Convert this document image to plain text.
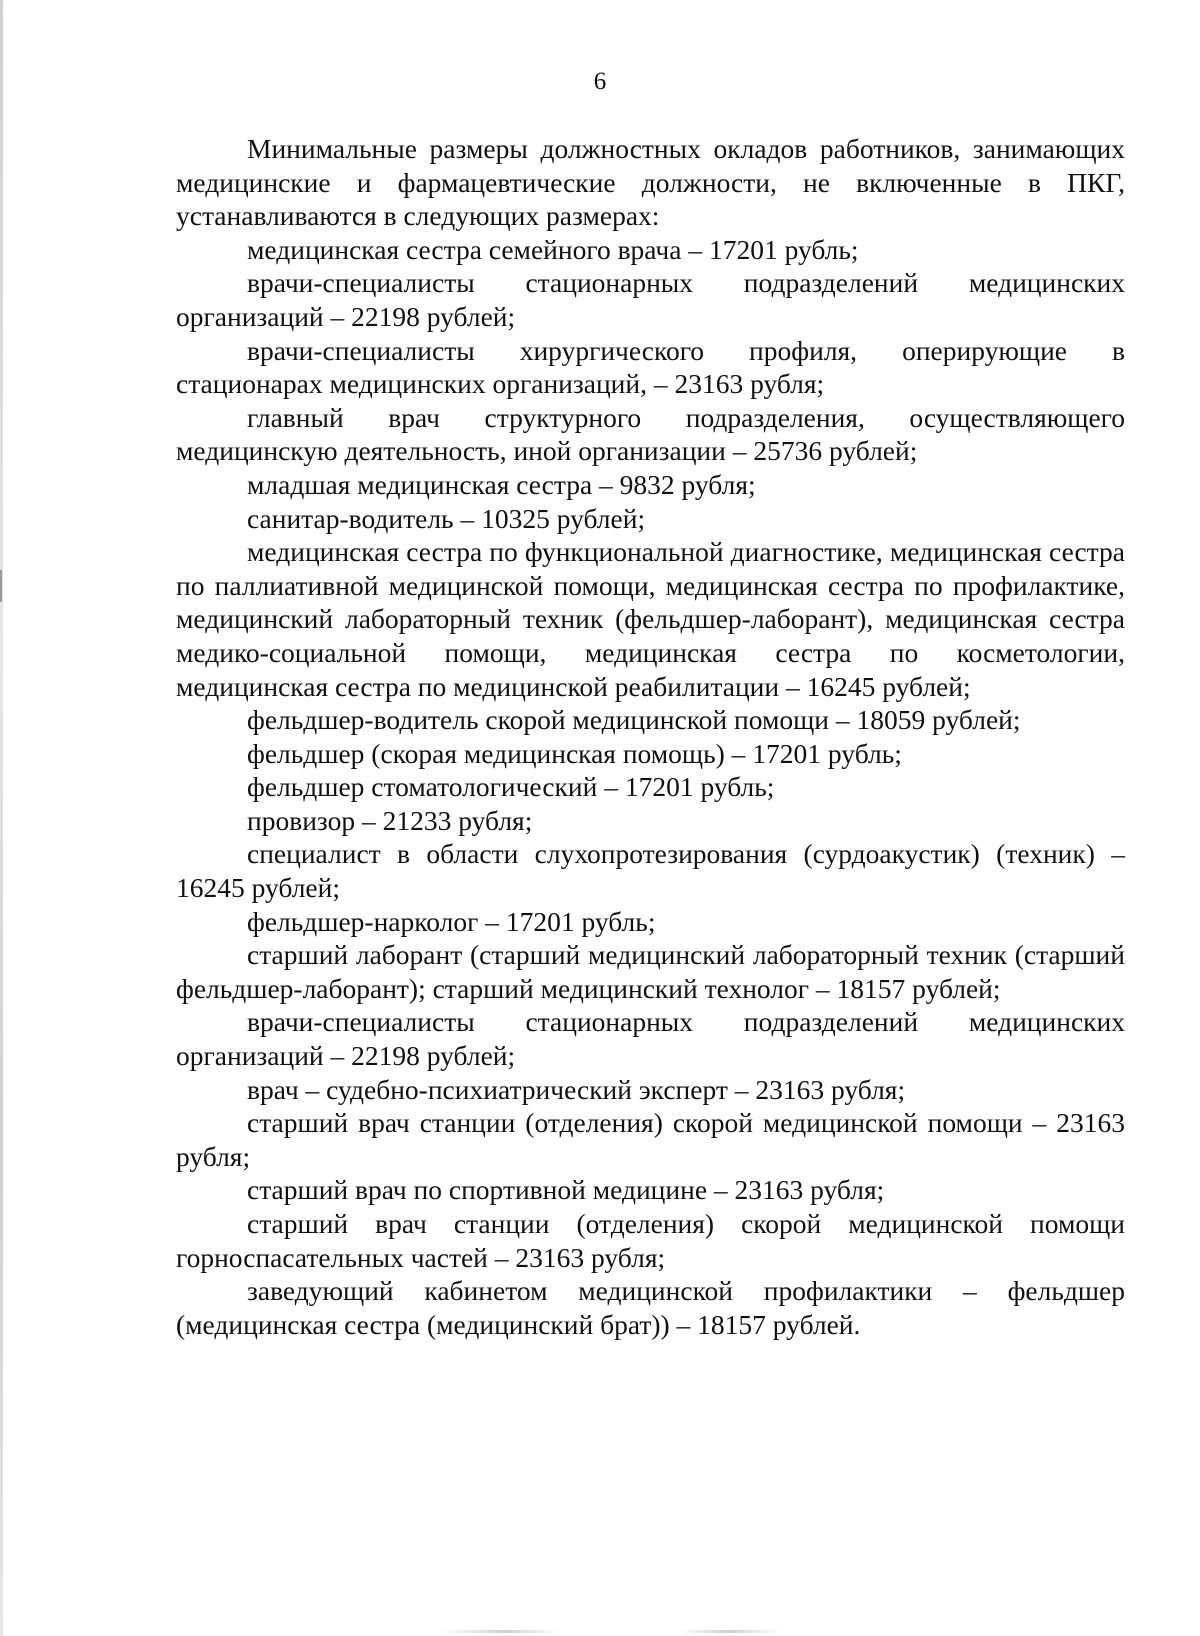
6

Минимальные размеры должностных окладов работников, занимающих медицинские и фармацевтические должности, не включенные в ПКГ, устанавливаются в следующих размерах:

медицинская сестра семейного врача – 17201 рубль;

врачи-специалисты стационарных подразделений медицинских организаций – 22198 рублей;

врачи-специалисты хирургического профиля, оперирующие в стационарах медицинских организаций, – 23163 рубля;

главный врач структурного подразделения, осуществляющего медицинскую деятельность, иной организации – 25736 рублей;

младшая медицинская сестра – 9832 рубля;

санитар-водитель – 10325 рублей;

медицинская сестра по функциональной диагностике, медицинская сестра по паллиативной медицинской помощи, медицинская сестра по профилактике, медицинский лабораторный техник (фельдшер-лаборант), медицинская сестра медико-социальной помощи, медицинская сестра по косметологии, медицинская сестра по медицинской реабилитации – 16245 рублей;

фельдшер-водитель скорой медицинской помощи – 18059 рублей;

фельдшер (скорая медицинская помощь) – 17201 рубль;

фельдшер стоматологический – 17201 рубль;

провизор – 21233 рубля;

специалист в области слухопротезирования (сурдоакустик) (техник) – 16245 рублей;

фельдшер-нарколог – 17201 рубль;

старший лаборант (старший медицинский лабораторный техник (старший фельдшер-лаборант); старший медицинский технолог – 18157 рублей;

врачи-специалисты стационарных подразделений медицинских организаций – 22198 рублей;

врач – судебно-психиатрический эксперт – 23163 рубля;

старший врач станции (отделения) скорой медицинской помощи – 23163 рубля;

старший врач по спортивной медицине – 23163 рубля;

старший врач станции (отделения) скорой медицинской помощи горноспасательных частей – 23163 рубля;

заведующий кабинетом медицинской профилактики – фельдшер (медицинская сестра (медицинский брат)) – 18157 рублей.
